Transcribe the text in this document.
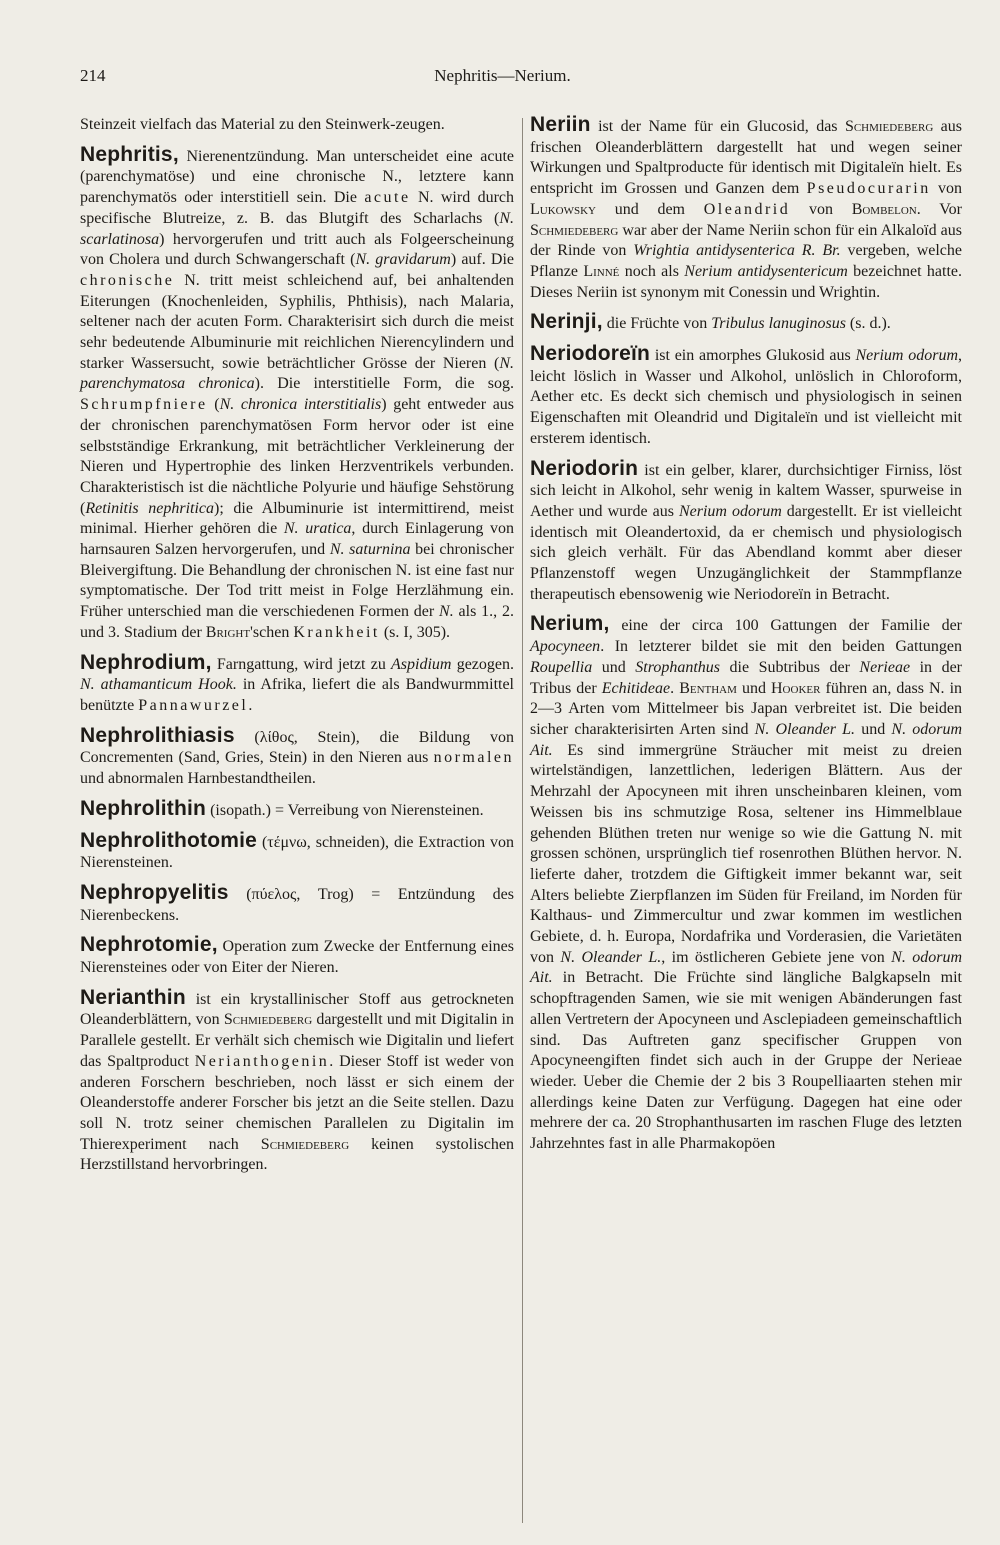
214	Nephritis—Nerium.

Steinzeit vielfach das Material zu den Steinwerk-zeugen.

Nephritis, Nierenentzündung. Man unterscheidet eine acute (parenchymatöse) und eine chronische N., letztere kann parenchymatös oder interstitiell sein. Die acute N. wird durch specifische Blutreize, z. B. das Blutgift des Scharlachs (N. scarlatinosa) hervorgerufen und tritt auch als Folgeerscheinung von Cholera und durch Schwangerschaft (N. gravidarum) auf. Die chronische N. tritt meist schleichend auf, bei anhaltenden Eiterungen (Knochenleiden, Syphilis, Phthisis), nach Malaria, seltener nach der acuten Form. Charakterisirt sich durch die meist sehr bedeutende Albuminurie mit reichlichen Nierencylindern und starker Wassersucht, sowie beträchtlicher Grösse der Nieren (N. parenchymatosa chronica). Die interstitielle Form, die sog. Schrumpfniere (N. chronica interstitialis) geht entweder aus der chronischen parenchymatösen Form hervor oder ist eine selbstständige Erkrankung, mit beträchtlicher Verkleinerung der Nieren und Hypertrophie des linken Herzventrikels verbunden. Charakteristisch ist die nächtliche Polyurie und häufige Sehstörung (Retinitis nephritica); die Albuminurie ist intermittirend, meist minimal. Hierher gehören die N. uratica, durch Einlagerung von harnsauren Salzen hervorgerufen, und N. saturnina bei chronischer Bleivergiftung. Die Behandlung der chronischen N. ist eine fast nur symptomatische. Der Tod tritt meist in Folge Herzlähmung ein. Früher unterschied man die verschiedenen Formen der N. als 1., 2. und 3. Stadium der Bright'schen Krankheit (s. I, 305).

Nephrodium, Farngattung, wird jetzt zu Aspidium gezogen. N. athamanticum Hook. in Afrika, liefert die als Bandwurmmittel benützte Pannawurzel.

Nephrolithiasis (λίθος, Stein), die Bildung von Concrementen (Sand, Gries, Stein) in den Nieren aus normalen und abnormalen Harnbestandtheilen.

Nephrolithin (isopath.) = Verreibung von Nierensteinen.

Nephrolithotomie (τέμνω, schneiden), die Extraction von Nierensteinen.

Nephropyelitis (πύελος, Trog) = Entzündung des Nierenbeckens.

Nephrotomie, Operation zum Zwecke der Entfernung eines Nierensteines oder von Eiter der Nieren.

Nerianthin ist ein krystallinischer Stoff aus getrockneten Oleanderblättern, von Schmiedeberg dargestellt und mit Digitalin in Parallele gestellt. Er verhält sich chemisch wie Digitalin und liefert das Spaltproduct Nerianthogenin. Dieser Stoff ist weder von anderen Forschern beschrieben, noch lässt er sich einem der Oleanderstoffe anderer Forscher bis jetzt an die Seite stellen. Dazu soll N. trotz seiner chemischen Parallelen zu Digitalin im Thierexperiment nach Schmiedeberg keinen systolischen Herzstillstand hervorbringen.

Neriin ist der Name für ein Glucosid, das Schmiedeberg aus frischen Oleanderblättern dargestellt hat und wegen seiner Wirkungen und Spaltproducte für identisch mit Digitaleïn hielt. Es entspricht im Grossen und Ganzen dem Pseudocurarin von Lukowsky und dem Oleandrid von Bombelon. Vor Schmiedeberg war aber der Name Neriin schon für ein Alkaloïd aus der Rinde von Wrightia antidysenterica R. Br. vergeben, welche Pflanze Linné noch als Nerium antidysentericum bezeichnet hatte. Dieses Neriin ist synonym mit Conessin und Wrightin.

Nerinji, die Früchte von Tribulus lanuginosus (s. d.).

Neriodoreïn ist ein amorphes Glukosid aus Nerium odorum, leicht löslich in Wasser und Alkohol, unlöslich in Chloroform, Aether etc. Es deckt sich chemisch und physiologisch in seinen Eigenschaften mit Oleandrid und Digitaleïn und ist vielleicht mit ersterem identisch.

Neriodorin ist ein gelber, klarer, durchsichtiger Firniss, löst sich leicht in Alkohol, sehr wenig in kaltem Wasser, spurweise in Aether und wurde aus Nerium odorum dargestellt. Er ist vielleicht identisch mit Oleandertoxid, da er chemisch und physiologisch sich gleich verhält. Für das Abendland kommt aber dieser Pflanzenstoff wegen Unzugänglichkeit der Stammpflanze therapeutisch ebensowenig wie Neriodoreïn in Betracht.

Nerium, eine der circa 100 Gattungen der Familie der Apocyneen. In letzterer bildet sie mit den beiden Gattungen Roupellia und Strophanthus die Subtribus der Nerieae in der Tribus der Echitideae. Bentham und Hooker führen an, dass N. in 2—3 Arten vom Mittelmeer bis Japan verbreitet ist. Die beiden sicher charakterisirten Arten sind N. Oleander L. und N. odorum Ait. Es sind immergrüne Sträucher mit meist zu dreien wirtelständigen, lanzettlichen, lederigen Blättern. Aus der Mehrzahl der Apocyneen mit ihren unscheinbaren kleinen, vom Weissen bis ins schmutzige Rosa, seltener ins Himmelblaue gehenden Blüthen treten nur wenige so wie die Gattung N. mit grossen schönen, ursprünglich tief rosenrothen Blüthen hervor. N. lieferte daher, trotzdem die Giftigkeit immer bekannt war, seit Alters beliebte Zierpflanzen im Süden für Freiland, im Norden für Kalthaus- und Zimmercultur und zwar kommen im westlichen Gebiete, d. h. Europa, Nordafrika und Vorderasien, die Varietäten von N. Oleander L., im östlicheren Gebiete jene von N. odorum Ait. in Betracht. Die Früchte sind längliche Balgkapseln mit schopftragenden Samen, wie sie mit wenigen Abänderungen fast allen Vertretern der Apocyneen und Asclepiadeen gemeinschaftlich sind. Das Auftreten ganz specifischer Gruppen von Apocyneengiften findet sich auch in der Gruppe der Nerieae wieder. Ueber die Chemie der 2 bis 3 Roupelliaarten stehen mir allerdings keine Daten zur Verfügung. Dagegen hat eine oder mehrere der ca. 20 Strophanthusarten im raschen Fluge des letzten Jahrzehntes fast in alle Pharmakopöen
